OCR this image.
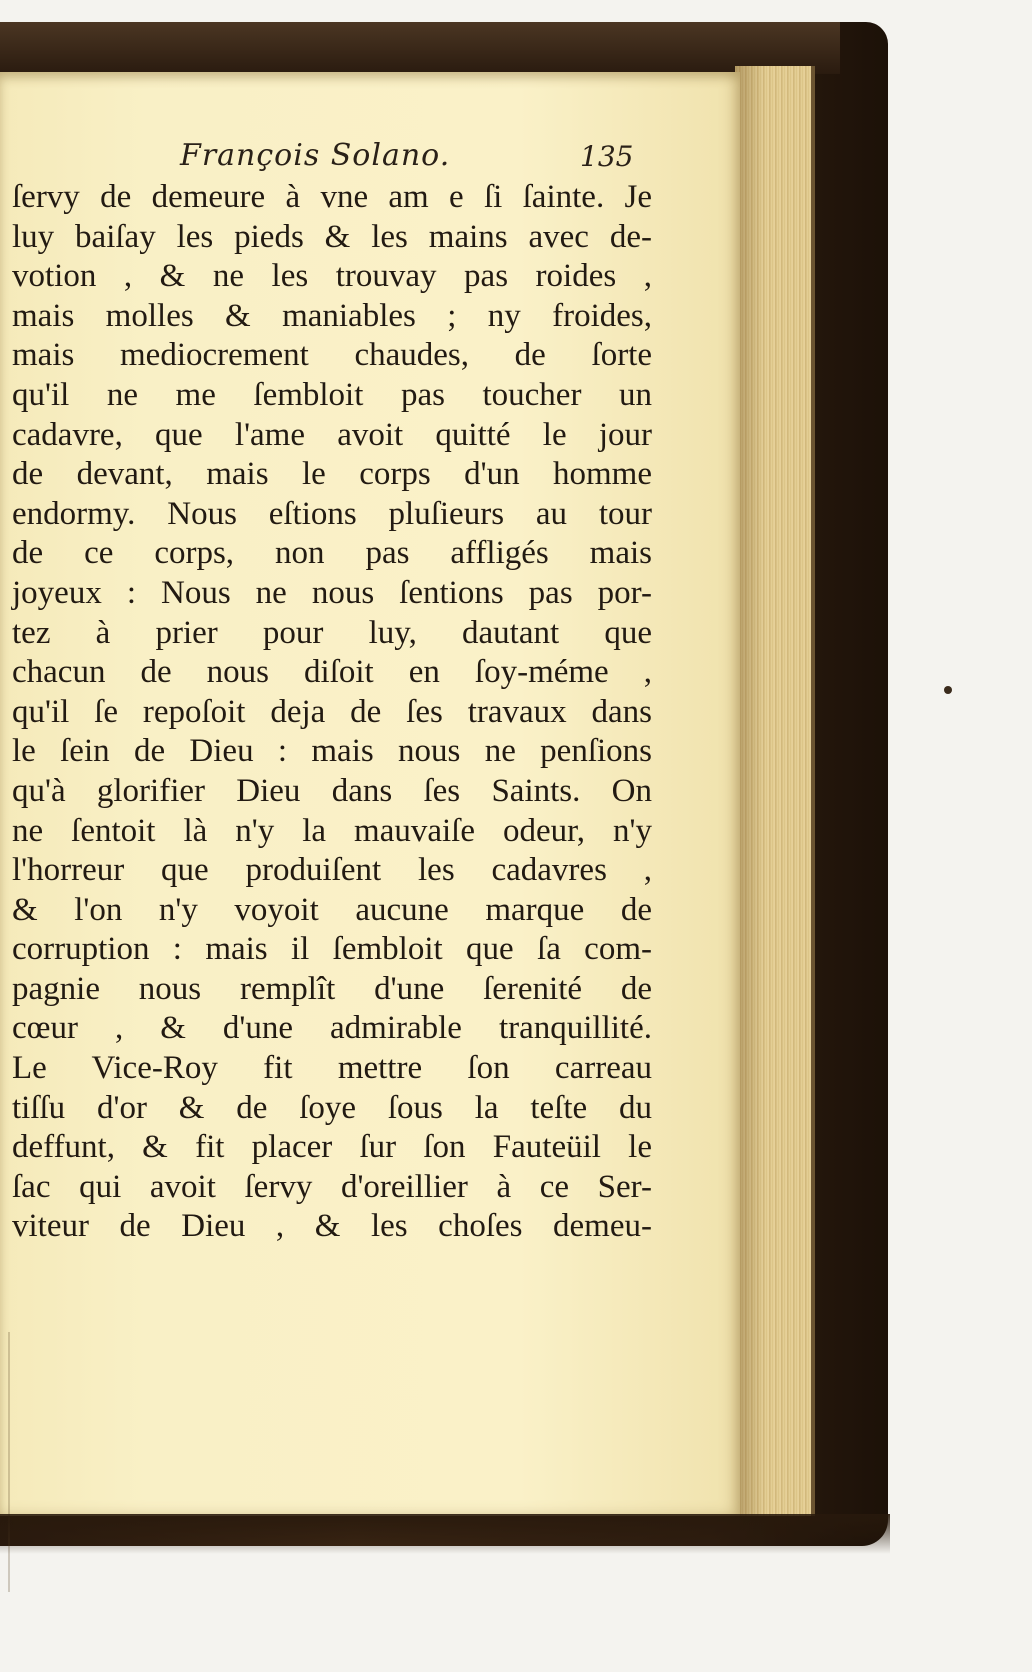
François Solano.	135
ſervy de demeure à vne am e ſi ſainte. Je
luy baiſay les pieds & les mains avec de-
votion , & ne les trouvay pas roides ,
mais molles & maniables ; ny froides,
mais mediocrement chaudes, de ſorte
qu'il ne me ſembloit pas toucher un
cadavre, que l'ame avoit quitté le jour
de devant, mais le corps d'un homme
endormy. Nous eſtions pluſieurs au tour
de ce corps, non pas affligés mais
joyeux : Nous ne nous ſentions pas por-
tez à prier pour luy, dautant que
chacun de nous diſoit en ſoy-méme ,
qu'il ſe repoſoit deja de ſes travaux dans
le ſein de Dieu : mais nous ne penſions
qu'à glorifier Dieu dans ſes Saints. On
ne ſentoit là n'y la mauvaiſe odeur, n'y
l'horreur que produiſent les cadavres ,
& l'on n'y voyoit aucune marque de
corruption : mais il ſembloit que ſa com-
pagnie nous remplît d'une ſerenité de
cœur , & d'une admirable tranquillité.
Le Vice-Roy fit mettre ſon carreau
tiſſu d'or & de ſoye ſous la teſte du
deffunt, & fit placer ſur ſon Fauteüil le
ſac qui avoit ſervy d'oreillier à ce Ser-
viteur de Dieu , & les choſes demeu-
